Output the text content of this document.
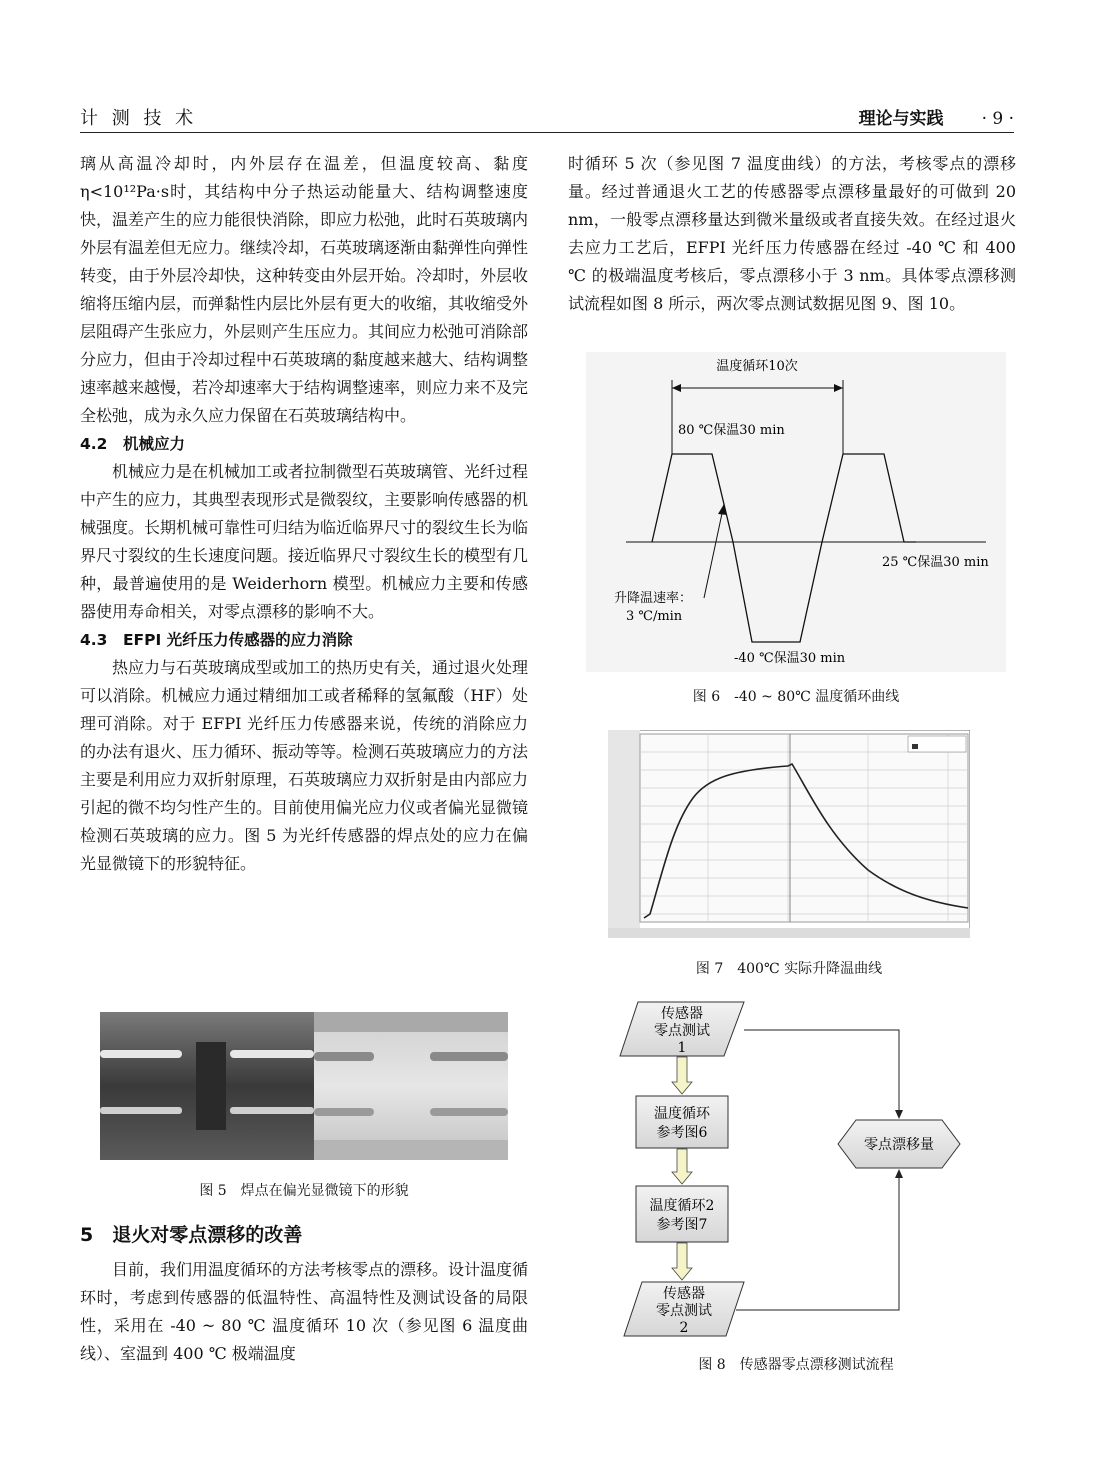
计 测 技 术	理论与实践 · 9 ·

璃从高温冷却时，内外层存在温差，但温度较高、黏度η<10¹²Pa·s时，其结构中分子热运动能量大、结构调整速度快，温差产生的应力能很快消除，即应力松弛，此时石英玻璃内外层有温差但无应力。继续冷却，石英玻璃逐渐由黏弹性向弹性转变，由于外层冷却快，这种转变由外层开始。冷却时，外层收缩将压缩内层，而弹黏性内层比外层有更大的收缩，其收缩受外层阻碍产生张应力，外层则产生压应力。其间应力松弛可消除部分应力，但由于冷却过程中石英玻璃的黏度越来越大、结构调整速率越来越慢，若冷却速率大于结构调整速率，则应力来不及完全松弛，成为永久应力保留在石英玻璃结构中。

4.2　机械应力

机械应力是在机械加工或者拉制微型石英玻璃管、光纤过程中产生的应力，其典型表现形式是微裂纹，主要影响传感器的机械强度。长期机械可靠性可归结为临近临界尺寸的裂纹生长为临界尺寸裂纹的生长速度问题。接近临界尺寸裂纹生长的模型有几种，最普遍使用的是 Weiderhorn 模型。机械应力主要和传感器使用寿命相关，对零点漂移的影响不大。

4.3　EFPI 光纤压力传感器的应力消除

热应力与石英玻璃成型或加工的热历史有关，通过退火处理可以消除。机械应力通过精细加工或者稀释的氢氟酸（HF）处理可消除。对于 EFPI 光纤压力传感器来说，传统的消除应力的办法有退火、压力循环、振动等等。检测石英玻璃应力的方法主要是利用应力双折射原理，石英玻璃应力双折射是由内部应力引起的微不均匀性产生的。目前使用偏光应力仪或者偏光显微镜检测石英玻璃的应力。图 5 为光纤传感器的焊点处的应力在偏光显微镜下的形貌特征。

图 5　焊点在偏光显微镜下的形貌
5　退火对零点漂移的改善

目前，我们用温度循环的方法考核零点的漂移。设计温度循环时，考虑到传感器的低温特性、高温特性及测试设备的局限性，采用在 -40 ~ 80 ℃ 温度循环 10 次（参见图 6 温度曲线）、室温到 400 ℃ 极端温度

时循环 5 次（参见图 7 温度曲线）的方法，考核零点的漂移量。经过普通退火工艺的传感器零点漂移量最好的可做到 20 nm，一般零点漂移量达到微米量级或者直接失效。在经过退火去应力工艺后，EFPI 光纤压力传感器在经过 -40 ℃ 和 400 ℃ 的极端温度考核后，零点漂移小于 3 nm。具体零点漂移测试流程如图 8 所示，两次零点测试数据见图 9、图 10。

温度循环10次
80 ℃保温30 min
25 ℃保温30 min
升降温速率：
3 ℃/min
-40 ℃保温30 min
图 6　-40 ~ 80℃ 温度循环曲线
图 7　400℃ 实际升降温曲线
传感器
零点测试
1
温度循环
参考图6
温度循环2
参考图7
传感器
零点测试
2
零点漂移量
图 8　传感器零点漂移测试流程
